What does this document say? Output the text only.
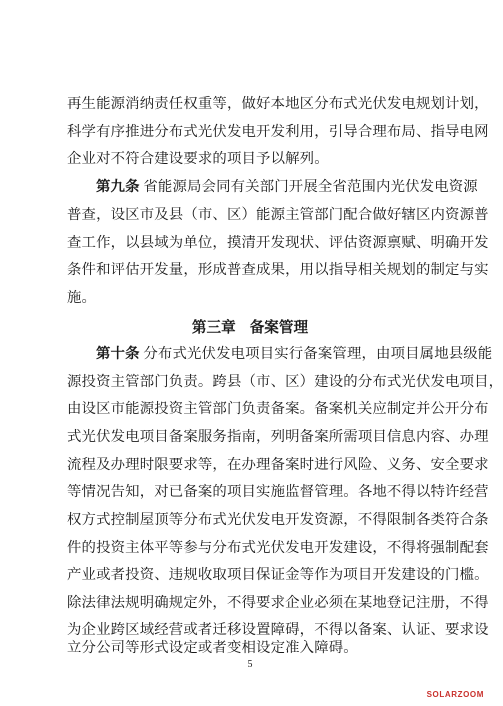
再生能源消纳责任权重等，做好本地区分布式光伏发电规划计划，
科学有序推进分布式光伏发电开发利用，引导合理布局、指导电网
企业对不符合建设要求的项目予以解列。
第九条  省能源局会同有关部门开展全省范围内光伏发电资源
普查，设区市及县（市、区）能源主管部门配合做好辖区内资源普
查工作，以县域为单位，摸清开发现状、评估资源禀赋、明确开发
条件和评估开发量，形成普查成果，用以指导相关规划的制定与实
施。
第三章 备案管理
第十条  分布式光伏发电项目实行备案管理，由项目属地县级能
源投资主管部门负责。跨县（市、区）建设的分布式光伏发电项目，
由设区市能源投资主管部门负责备案。备案机关应制定并公开分布
式光伏发电项目备案服务指南，列明备案所需项目信息内容、办理
流程及办理时限要求等，在办理备案时进行风险、义务、安全要求
等情况告知，对已备案的项目实施监督管理。各地不得以特许经营
权方式控制屋顶等分布式光伏发电开发资源，不得限制各类符合条
件的投资主体平等参与分布式光伏发电开发建设，不得将强制配套
产业或者投资、违规收取项目保证金等作为项目开发建设的门槛。
除法律法规明确规定外，不得要求企业必须在某地登记注册，不得
为企业跨区域经营或者迁移设置障碍，不得以备案、认证、要求设
立分公司等形式设定或者变相设定准入障碍。
5
SOLARZOOM
